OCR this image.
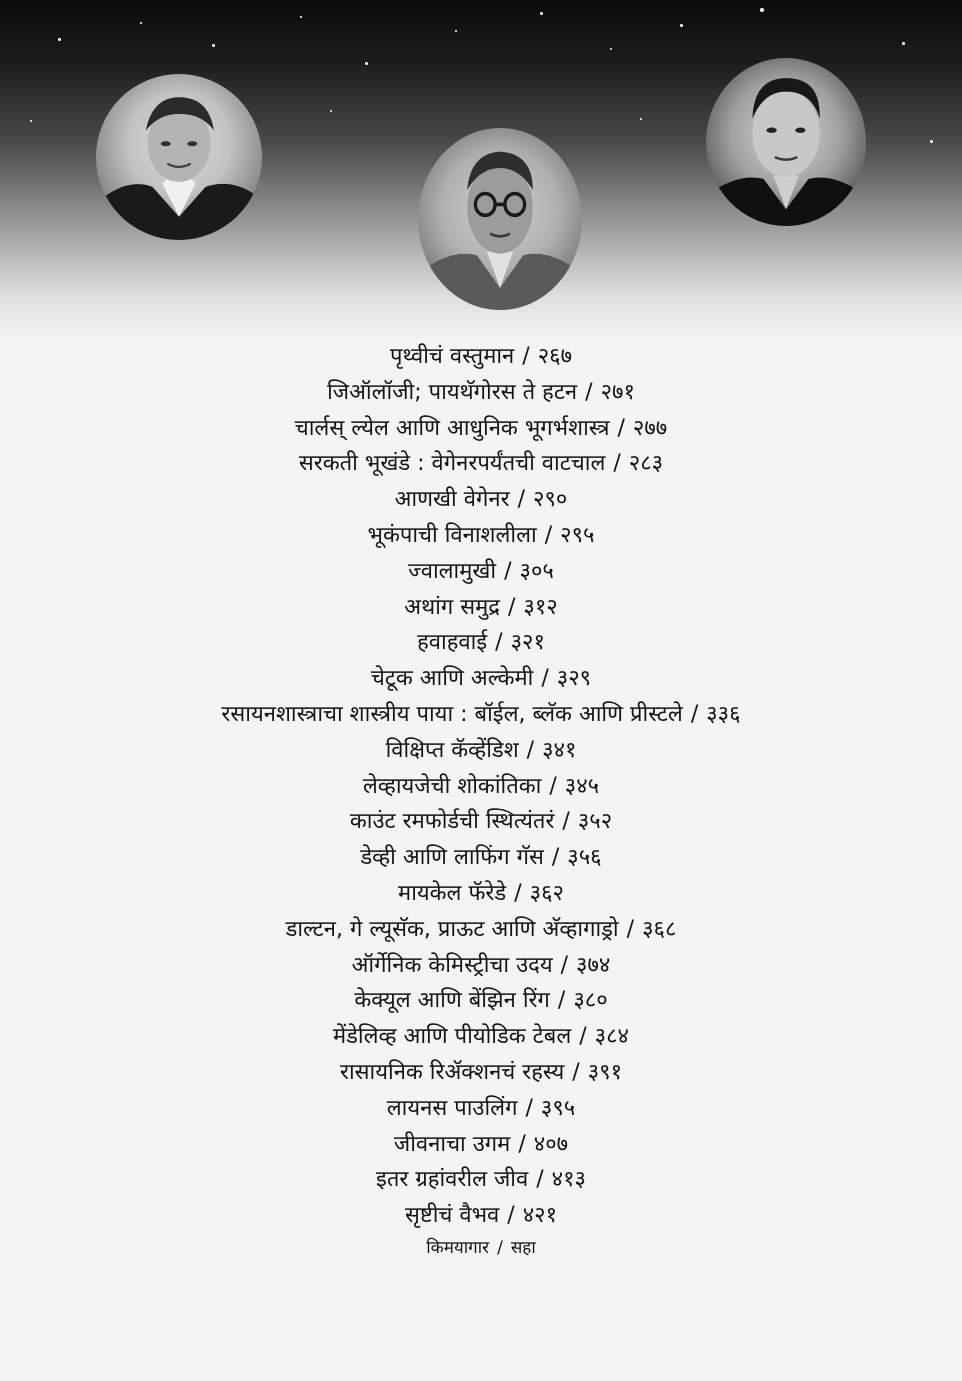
पृथ्वीचं वस्तुमान / २६७
जिऑलॉजी; पायथॅगोरस ते हटन / २७१
चार्लस् ल्येल आणि आधुनिक भूगर्भशास्त्र / २७७
सरकती भूखंडे : वेगेनरपर्यंतची वाटचाल / २८३
आणखी वेगेनर / २९०
भूकंपाची विनाशलीला / २९५
ज्वालामुखी / ३०५
अथांग समुद्र / ३१२
हवाहवाई / ३२१
चेटूक आणि अल्केमी / ३२९
रसायनशास्त्राचा शास्त्रीय पाया : बॉईल, ब्लॅक आणि प्रीस्टले / ३३६
विक्षिप्त कॅव्हेंडिश / ३४१
लेव्हायजेची शोकांतिका / ३४५
काउंट रमफोर्डची स्थित्यंतरं / ३५२
डेव्ही आणि लाफिंग गॅस / ३५६
मायकेल फॅरेडे / ३६२
डाल्टन, गे ल्यूसॅक, प्राऊट आणि अ‍ॅव्हागाड्रो / ३६८
ऑर्गेनिक केमिस्ट्रीचा उदय / ३७४
केक्यूल आणि बेंझिन रिंग / ३८०
मेंडेलिव्ह आणि पीयोडिक टेबल / ३८४
रासायनिक रिॲक्शनचं रहस्य / ३९१
लायनस पाउलिंग / ३९५
जीवनाचा उगम / ४०७
इतर ग्रहांवरील जीव / ४१३
सृष्टीचं वैभव / ४२१
किमयागार / सहा
